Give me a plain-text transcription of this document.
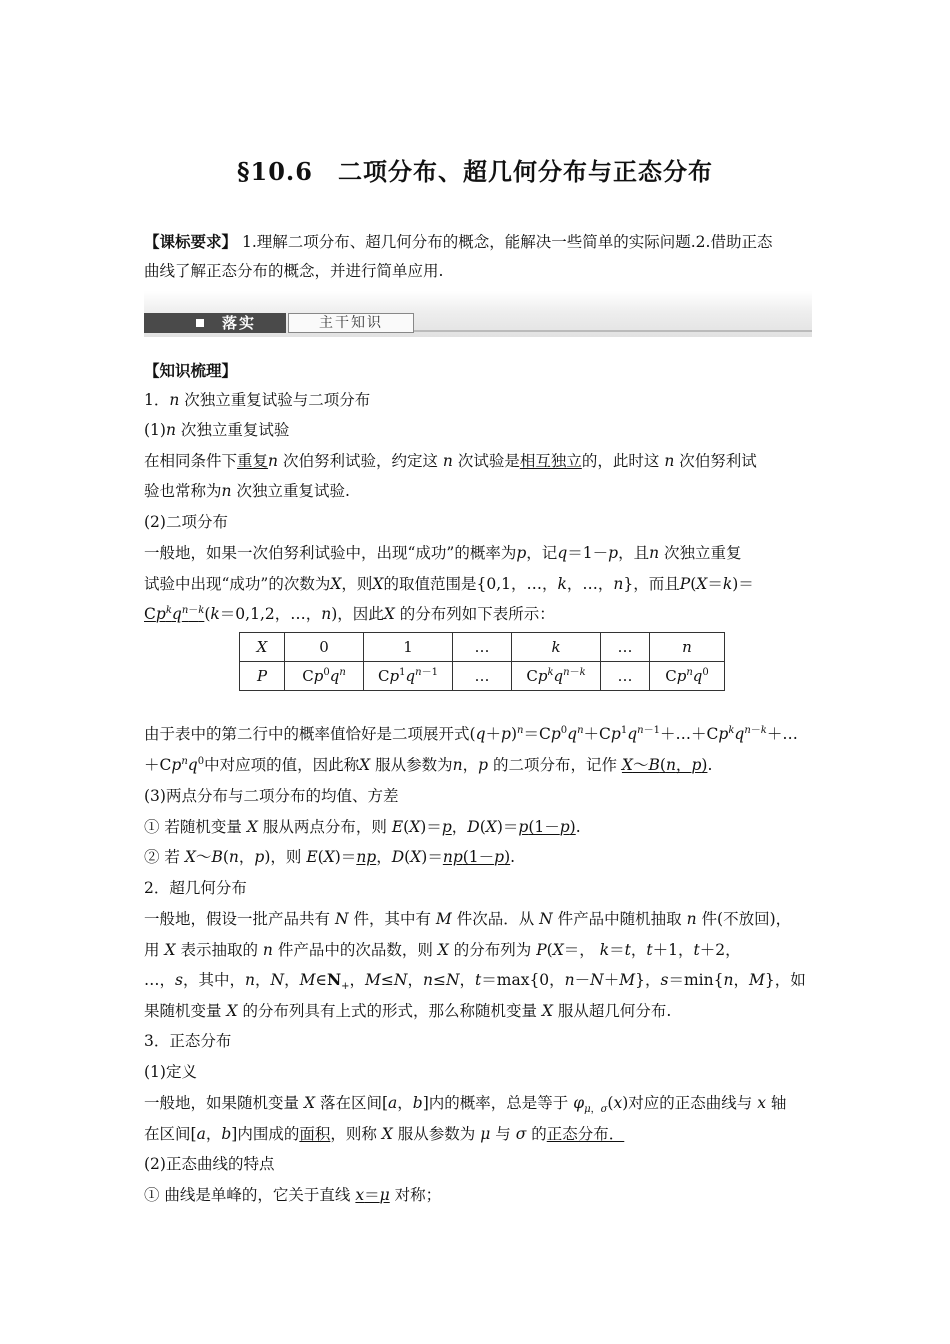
§10.6　二项分布、超几何分布与正态分布
【课标要求】 1.理解二项分布、超几何分布的概念，能解决一些简单的实际问题.2.借助正态
曲线了解正态分布的概念，并进行简单应用.
落实	主干知识
【知识梳理】
1．n 次独立重复试验与二项分布
(1)n 次独立重复试验
在相同条件下重复n 次伯努利试验，约定这 n 次试验是相互独立的，此时这 n 次伯努利试
验也常称为n 次独立重复试验.
(2)二项分布
一般地，如果一次伯努利试验中，出现“成功”的概率为p，记q＝1－p，且n 次独立重复
试验中出现“成功”的次数为X，则X的取值范围是{0,1，…，k，…，n}，而且P(X＝k)＝
$Cp^kq^{n-k}(k=0,1,2$，…，n)，因此X 的分布列如下表所示：
X	0	1	…	k	…	n
P	$Cp^0q^n$	$Cp^1q^{n-1}$	…	$Cp^kq^{n-k}$	…	$Cp^nq^0$
由于表中的第二行中的概率值恰好是二项展开式$(q+p)^n=Cp^0q^n+Cp^1q^{n-1}+\dots+Cp^kq^{n-k}+\dots$
$+Cp^nq^0$中对应项的值，因此称X 服从参数为n，p 的二项分布，记作 X～B(n，p).
(3)两点分布与二项分布的均值、方差
① 若随机变量 X 服从两点分布，则 E(X)＝p，D(X)＝p(1－p).
② 若 X～B(n，p)，则 E(X)＝np，D(X)＝np(1－p).
2．超几何分布
一般地，假设一批产品共有 N 件，其中有 M 件次品．从 N 件产品中随机抽取 n 件(不放回)，
用 X 表示抽取的 n 件产品中的次品数，则 X 的分布列为 P(X＝， k＝t，t＋1，t＋2，
…，s，其中，n，N，$M\in N_+$，M≤N，n≤N，t＝max{0，n－N＋M}，s＝min{n，M}，如
果随机变量 X 的分布列具有上式的形式，那么称随机变量 X 服从超几何分布.
3．正态分布
(1)定义
一般地，如果随机变量 X 落在区间[a，b]内的概率，总是等于 $\varphi_{\mu,\sigma}(x)$对应的正态曲线与 x 轴
在区间[a，b]内围成的面积，则称 X 服从参数为 μ 与 σ 的正态分布．
(2)正态曲线的特点
① 曲线是单峰的，它关于直线 x＝μ 对称；
